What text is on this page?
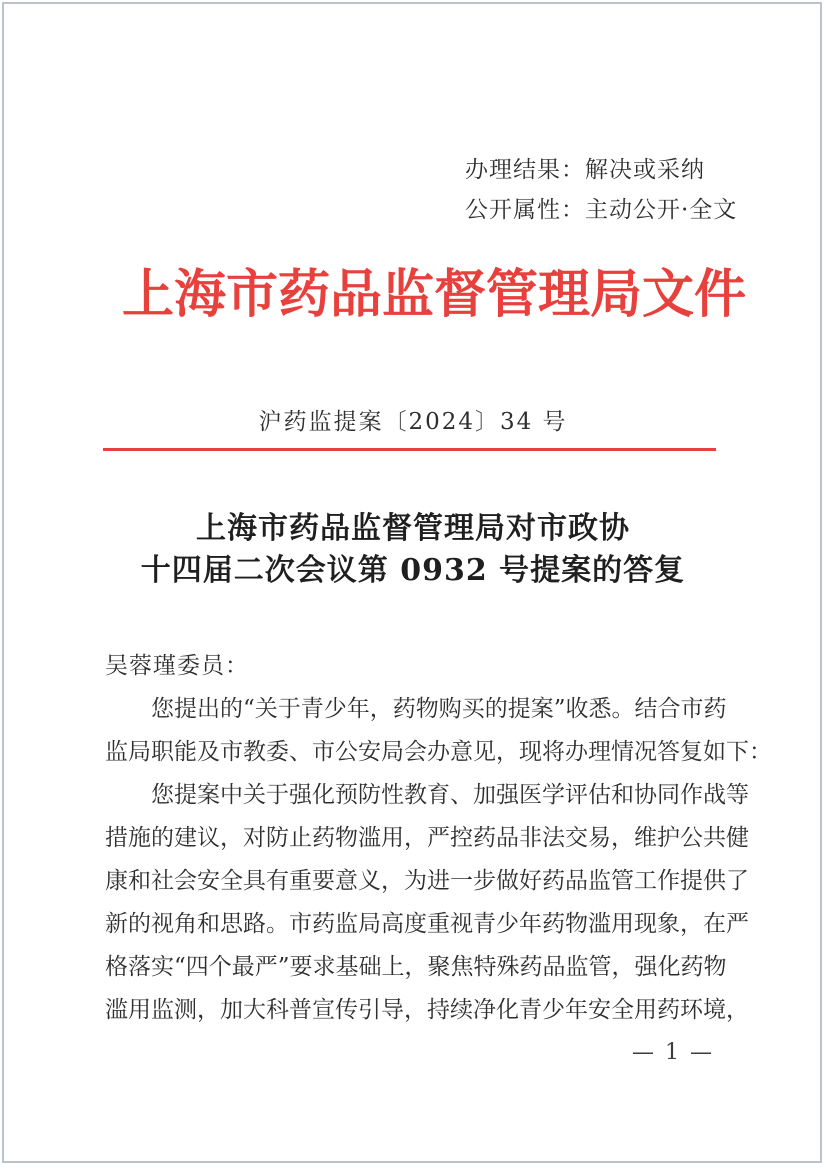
办理结果：解决或采纳
公开属性：主动公开·全文
上海市药品监督管理局文件
沪药监提案〔2024〕34 号
上海市药品监督管理局对市政协
十四届二次会议第 0932 号提案的答复
吴蓉瑾委员：
　　您提出的“关于青少年，药物购买的提案”收悉。结合市药
监局职能及市教委、市公安局会办意见，现将办理情况答复如下：
　　您提案中关于强化预防性教育、加强医学评估和协同作战等
措施的建议，对防止药物滥用，严控药品非法交易，维护公共健
康和社会安全具有重要意义，为进一步做好药品监管工作提供了
新的视角和思路。市药监局高度重视青少年药物滥用现象，在严
格落实“四个最严”要求基础上，聚焦特殊药品监管，强化药物
滥用监测，加大科普宣传引导，持续净化青少年安全用药环境，
— 1 —
